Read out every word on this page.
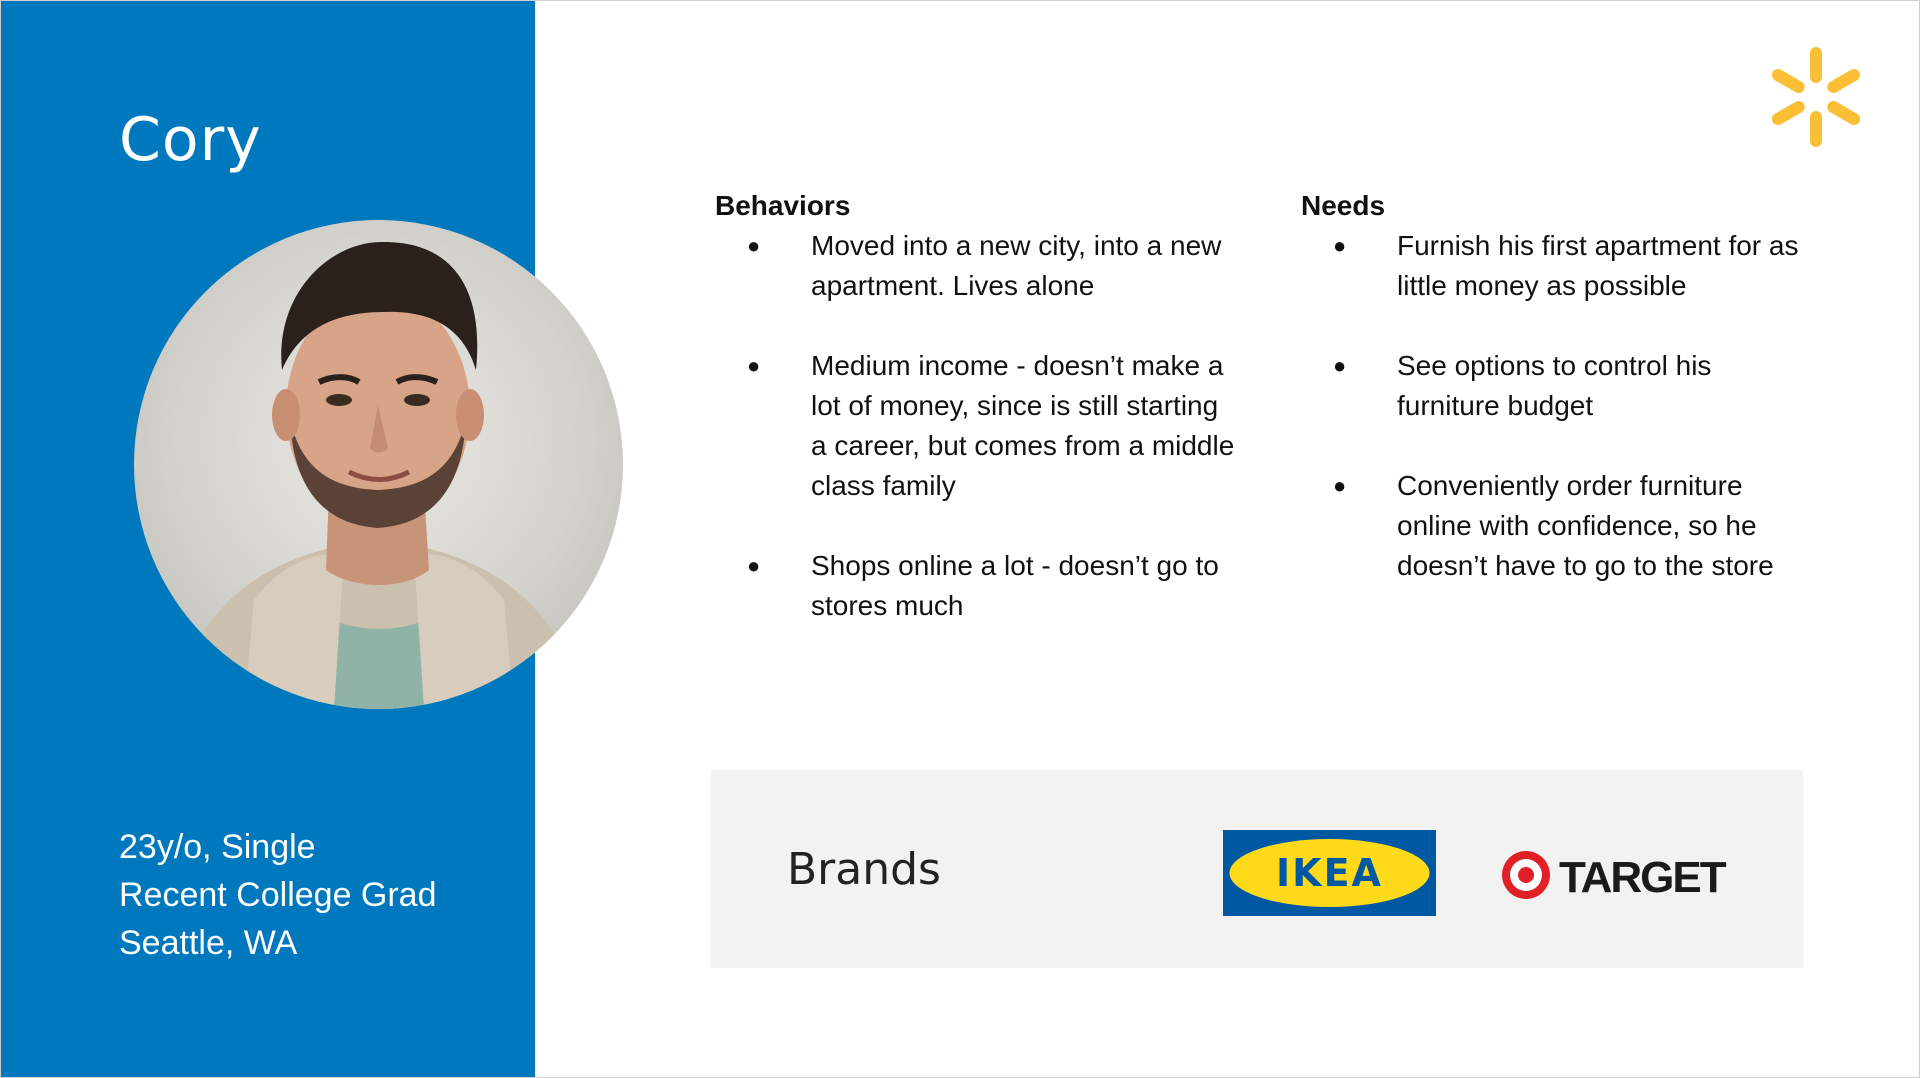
Cory
23y/o, Single
Recent College Grad
Seattle, WA
Behaviors
● Moved into a new city, into a new apartment. Lives alone
● Medium income - doesn’t make a lot of money, since is still starting a career, but comes from a middle class family
● Shops online a lot - doesn’t go to stores much
Needs
● Furnish his first apartment for as little money as possible
● See options to control his furniture budget
● Conveniently order furniture online with confidence, so he doesn’t have to go to the store
Brands	IKEA	TARGET
